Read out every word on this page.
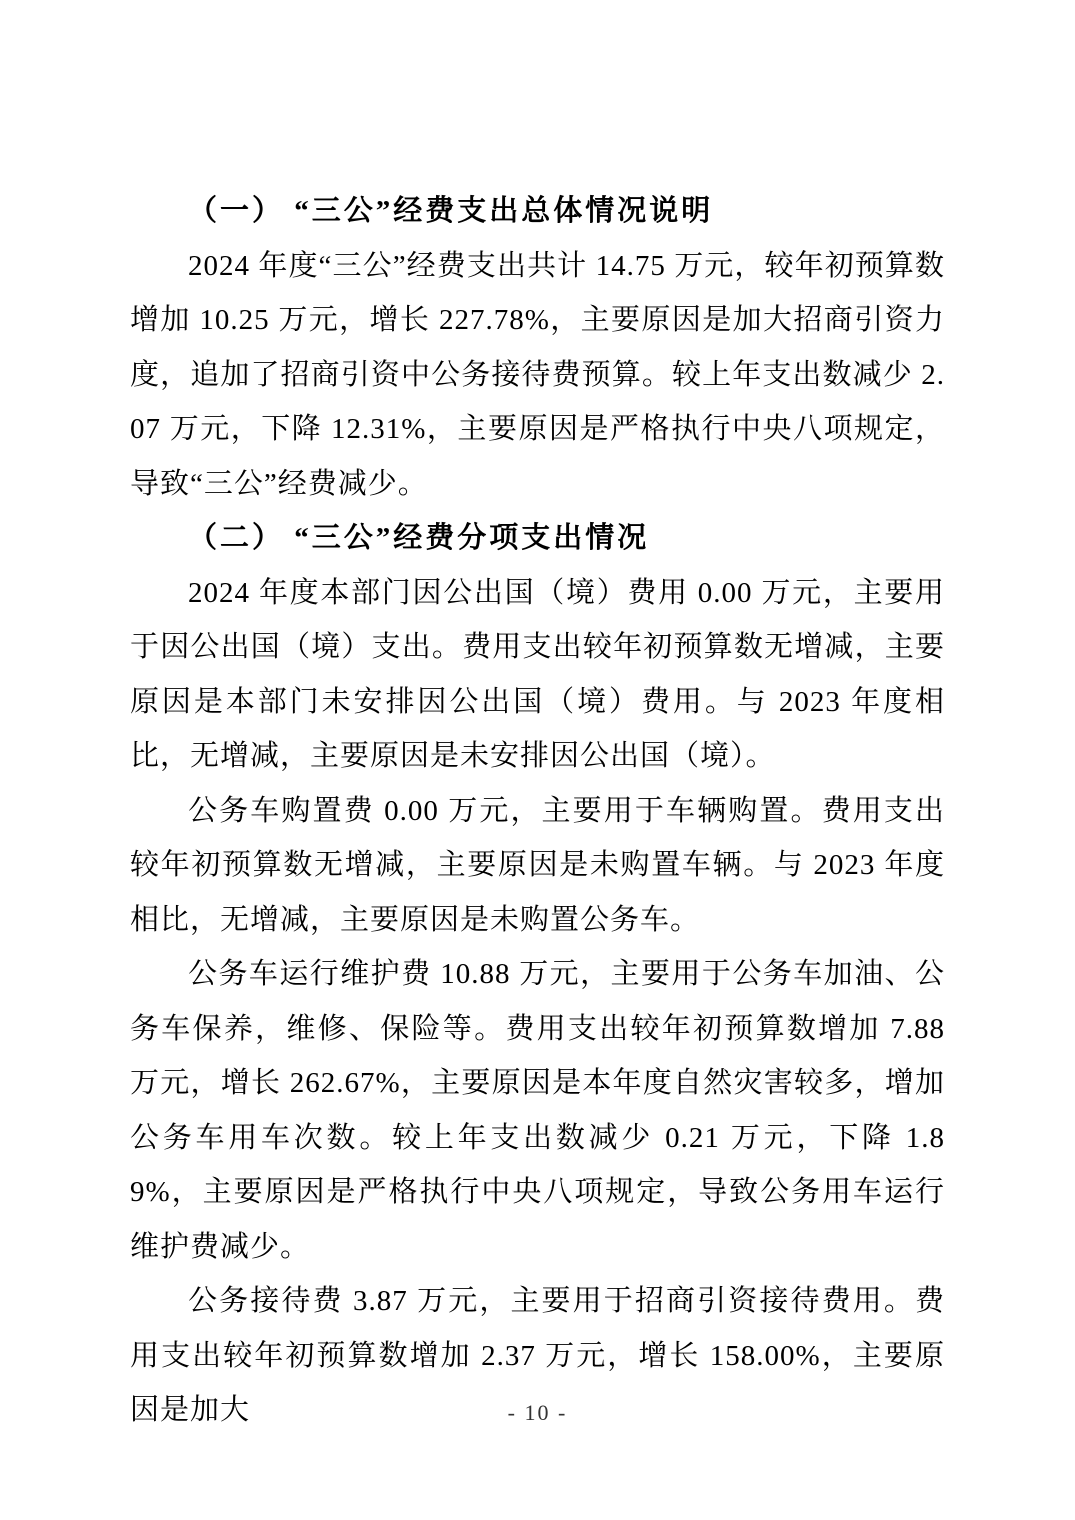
（一） “三公”经费支出总体情况说明

2024 年度“三公”经费支出共计 14.75 万元，较年初预算数增加 10.25 万元，增长 227.78%，主要原因是加大招商引资力度，追加了招商引资中公务接待费预算。较上年支出数减少 2.07 万元，下降 12.31%，主要原因是严格执行中央八项规定，导致“三公”经费减少。

（二） “三公”经费分项支出情况

2024 年度本部门因公出国（境）费用 0.00 万元，主要用于因公出国（境）支出。费用支出较年初预算数无增减，主要原因是本部门未安排因公出国（境）费用。与 2023 年度相比，无增减，主要原因是未安排因公出国（境）。

公务车购置费 0.00 万元，主要用于车辆购置。费用支出较年初预算数无增减，主要原因是未购置车辆。与 2023 年度相比，无增减，主要原因是未购置公务车。

公务车运行维护费 10.88 万元，主要用于公务车加油、公务车保养，维修、保险等。费用支出较年初预算数增加 7.88 万元，增长 262.67%，主要原因是本年度自然灾害较多，增加公务车用车次数。较上年支出数减少 0.21 万元，下降 1.89%，主要原因是严格执行中央八项规定，导致公务用车运行维护费减少。

公务接待费 3.87 万元，主要用于招商引资接待费用。费用支出较年初预算数增加 2.37 万元，增长 158.00%，主要原因是加大	- 10 -
